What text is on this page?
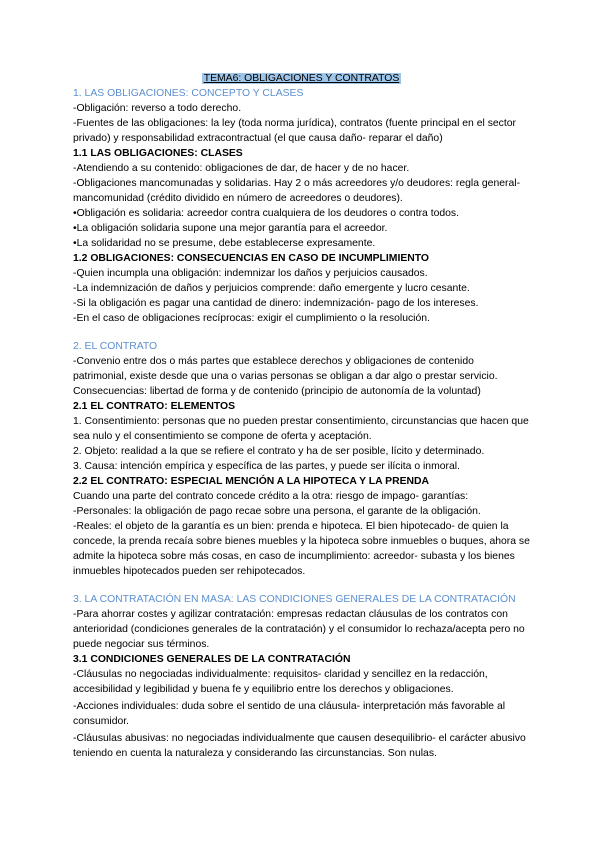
TEMA6: OBLIGACIONES Y CONTRATOS

1. LAS OBLIGACIONES: CONCEPTO Y CLASES

-Obligación: reverso a todo derecho.

-Fuentes de las obligaciones: la ley (toda norma jurídica), contratos (fuente principal en el sector privado) y responsabilidad extracontractual (el que causa daño- reparar el daño)

1.1 LAS OBLIGACIONES: CLASES

-Atendiendo a su contenido: obligaciones de dar, de hacer y de no hacer.

-Obligaciones mancomunadas y solidarias. Hay 2 o más acreedores y/o deudores: regla general- mancomunidad (crédito dividido en número de acreedores o deudores).

•Obligación es solidaria: acreedor contra cualquiera de los deudores o contra todos.

•La obligación solidaria supone una mejor garantía para el acreedor.

•La solidaridad no se presume, debe establecerse expresamente.

1.2 OBLIGACIONES: CONSECUENCIAS EN CASO DE INCUMPLIMIENTO

-Quien incumpla una obligación: indemnizar los daños y perjuicios causados.

-La indemnización de daños y perjuicios comprende: daño emergente y lucro cesante.

-Si la obligación es pagar una cantidad de dinero: indemnización- pago de los intereses.

-En el caso de obligaciones recíprocas: exigir el cumplimiento o la resolución.

2. EL CONTRATO

-Convenio entre dos o más partes que establece derechos y obligaciones de contenido patrimonial, existe desde que una o varias personas se obligan a dar algo o prestar servicio.

Consecuencias: libertad de forma y de contenido (principio de autonomía de la voluntad)

2.1 EL CONTRATO: ELEMENTOS

1. Consentimiento: personas que no pueden prestar consentimiento, circunstancias que hacen que sea nulo y el consentimiento se compone de oferta y aceptación.

2. Objeto: realidad a la que se refiere el contrato y ha de ser posible, lícito y determinado.

3. Causa: intención empírica y específica de las partes, y puede ser ilícita o inmoral.

2.2 EL CONTRATO: ESPECIAL MENCIÓN A LA HIPOTECA Y LA PRENDA

Cuando una parte del contrato concede crédito a la otra: riesgo de impago- garantías:

-Personales: la obligación de pago recae sobre una persona, el garante de la obligación.

-Reales: el objeto de la garantía es un bien: prenda e hipoteca. El bien hipotecado- de quien la concede, la prenda recaía sobre bienes muebles y la hipoteca sobre inmuebles o buques, ahora se admite la hipoteca sobre más cosas, en caso de incumplimiento: acreedor- subasta y los bienes inmuebles hipotecados pueden ser rehipotecados.

3. LA CONTRATACIÓN EN MASA: LAS CONDICIONES GENERALES DE LA CONTRATACIÓN

-Para ahorrar costes y agilizar contratación: empresas redactan cláusulas de los contratos con anterioridad (condiciones generales de la contratación) y el consumidor lo rechaza/acepta pero no puede negociar sus términos.

3.1 CONDICIONES GENERALES DE LA CONTRATACIÓN

-Cláusulas no negociadas individualmente: requisitos- claridad y sencillez en la redacción, accesibilidad y legibilidad y buena fe y equilibrio entre los derechos y obligaciones.

-Acciones individuales: duda sobre el sentido de una cláusula- interpretación más favorable al consumidor.

-Cláusulas abusivas: no negociadas individualmente que causen desequilibrio- el carácter abusivo teniendo en cuenta la naturaleza y considerando las circunstancias. Son nulas.
